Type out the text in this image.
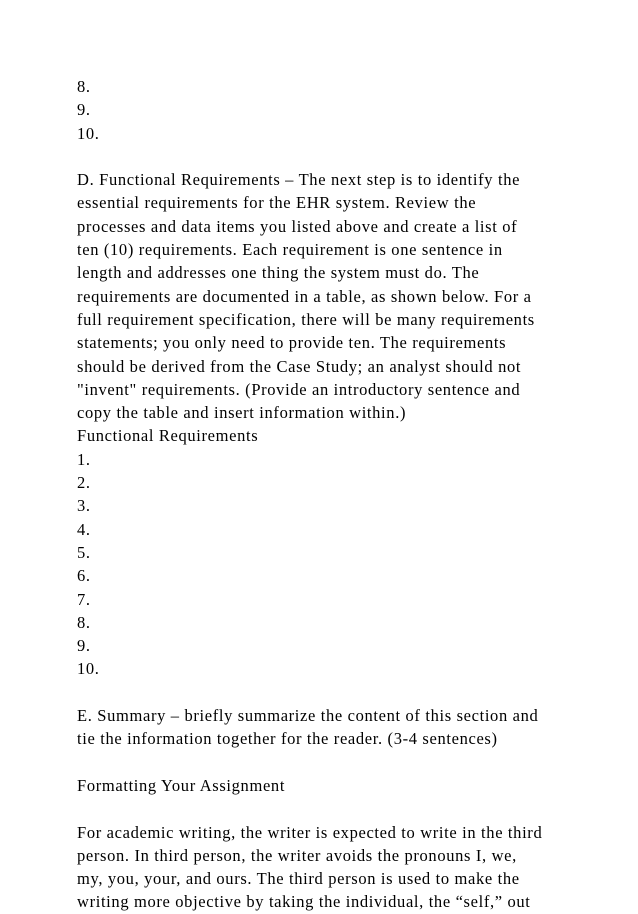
8.
9.
10.
D. Functional Requirements – The next step is to identify the
essential requirements for the EHR system. Review the
processes and data items you listed above and create a list of
ten (10) requirements. Each requirement is one sentence in
length and addresses one thing the system must do. The
requirements are documented in a table, as shown below. For a
full requirement specification, there will be many requirements
statements; you only need to provide ten. The requirements
should be derived from the Case Study; an analyst should not
"invent" requirements. (Provide an introductory sentence and
copy the table and insert information within.)
Functional Requirements
1.
2.
3.
4.
5.
6.
7.
8.
9.
10.
E. Summary – briefly summarize the content of this section and
tie the information together for the reader. (3-4 sentences)
Formatting Your Assignment
For academic writing, the writer is expected to write in the third
person. In third person, the writer avoids the pronouns I, we,
my, you, your, and ours. The third person is used to make the
writing more objective by taking the individual, the “self,” out
